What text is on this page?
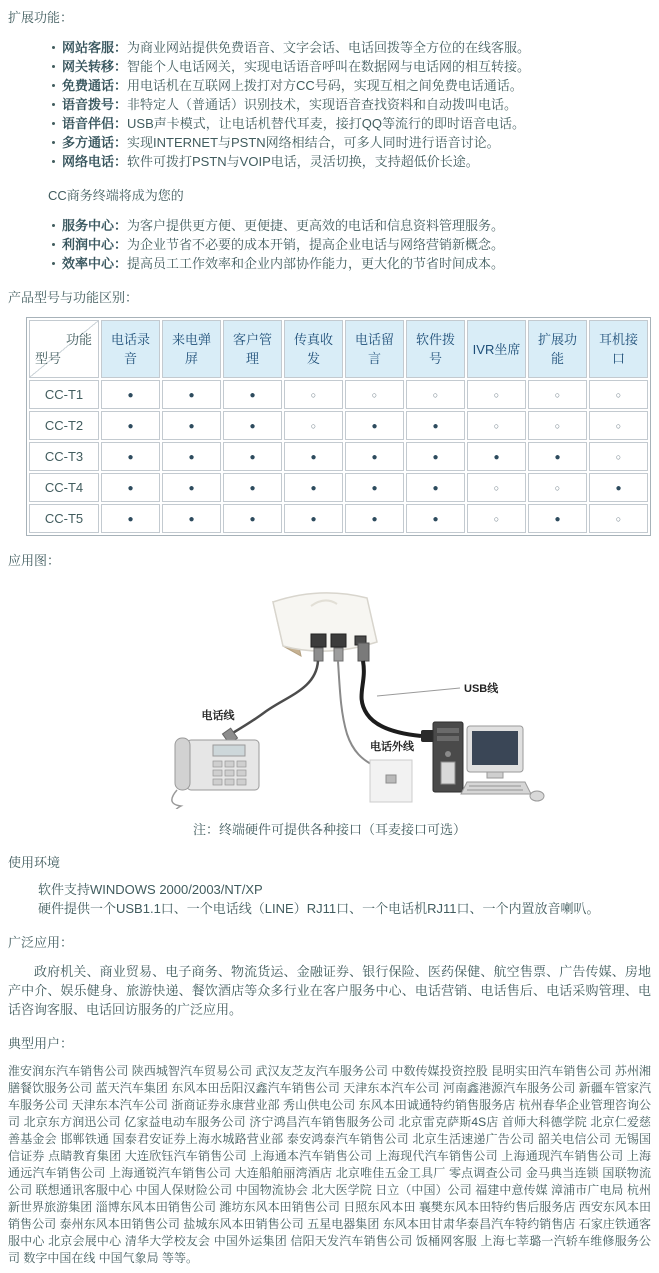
扩展功能：

网站客服：为商业网站提供免费语音、文字会话、电话回拨等全方位的在线客服。
网关转移：智能个人电话网关，实现电话语音呼叫在数据网与电话网的相互转接。
免费通话：用电话机在互联网上拨打对方CC号码，实现互相之间免费电话通话。
语音拨号：非特定人（普通话）识别技术，实现语音查找资料和自动拨叫电话。
语音伴侣：USB声卡模式，让电话机替代耳麦，接打QQ等流行的即时语音电话。
多方通话：实现INTERNET与PSTN网络相结合，可多人同时进行语音讨论。
网络电话：软件可拨打PSTN与VOIP电话，灵活切换，支持超低价长途。

CC商务终端将成为您的

服务中心：为客户提供更方便、更便捷、更高效的电话和信息资料管理服务。
利润中心：为企业节省不必要的成本开销，提高企业电话与网络营销新概念。
效率中心：提高员工工作效率和企业内部协作能力，更大化的节省时间成本。

产品型号与功能区别：

功能
型号	电话录音	来电弹屏	客户管理	传真收发	电话留言	软件拨号	IVR坐席	扩展功能	耳机接口
CC-T1	●	●	●	○	○	○	○	○	○
CC-T2	●	●	●	○	●	●	○	○	○
CC-T3	●	●	●	●	●	●	●	●	○
CC-T4	●	●	●	●	●	●	○	○	●
CC-T5	●	●	●	●	●	●	○	●	○

应用图：

电话线
电话外线
USB线

注：终端硬件可提供各种接口（耳麦接口可选）

使用环境

软件支持WINDOWS 2000/2003/NT/XP

硬件提供一个USB1.1口、一个电话线（LINE）RJ11口、一个电话机RJ11口、一个内置放音喇叭。

广泛应用：

政府机关、商业贸易、电子商务、物流货运、金融证券、银行保险、医药保健、航空售票、广告传媒、房地产中介、娱乐健身、旅游快递、餐饮酒店等众多行业在客户服务中心、电话营销、电话售后、电话采购管理、电话咨询客服、电话回访服务的广泛应用。

典型用户：

淮安润东汽车销售公司 陕西城智汽车贸易公司 武汉友芝友汽车服务公司 中数传媒投资控股 昆明实田汽车销售公司 苏州湘膳餐饮服务公司 蓝天汽车集团 东风本田岳阳汉鑫汽车销售公司 天津东本汽车公司 河南鑫港源汽车服务公司 新疆车管家汽车服务公司 天津东本汽车公司 浙商证券永康营业部 秀山供电公司 东风本田诚通特约销售服务店 杭州春华企业管理咨询公司 北京东方润迅公司 亿家益电动车服务公司 济宁鸿昌汽车销售服务公司 北京雷克萨斯4S店 首师大科德学院 北京仁爱慈善基金会 邯郸铁通 国泰君安证券上海水城路营业部 泰安鸿泰汽车销售公司 北京生活速递广告公司 韶关电信公司 无锡国信证券 点睛教育集团 大连欣钰汽车销售公司 上海通本汽车销售公司 上海现代汽车销售公司 上海通现汽车销售公司 上海通远汽车销售公司 上海通锐汽车销售公司 大连船舶丽湾酒店 北京唯佳五金工具厂 零点调查公司 金马典当连锁 国联物流公司 联想通讯客服中心 中国人保财险公司 中国物流协会 北大医学院 日立（中国）公司 福建中意传媒 漳浦市广电局 杭州新世界旅游集团 淄博东风本田销售公司 潍坊东风本田销售公司 日照东风本田 襄樊东风本田特约售后服务店 西安东风本田销售公司 泰州东风本田销售公司 盐城东风本田销售公司 五星电器集团 东风本田甘肃华泰昌汽车特约销售店 石家庄铁通客服中心 北京会展中心 清华大学校友会 中国外运集团 信阳天发汽车销售公司 饭桶网客服 上海七莘璐一汽轿车维修服务公司 数字中国在线 中国气象局 等等。
